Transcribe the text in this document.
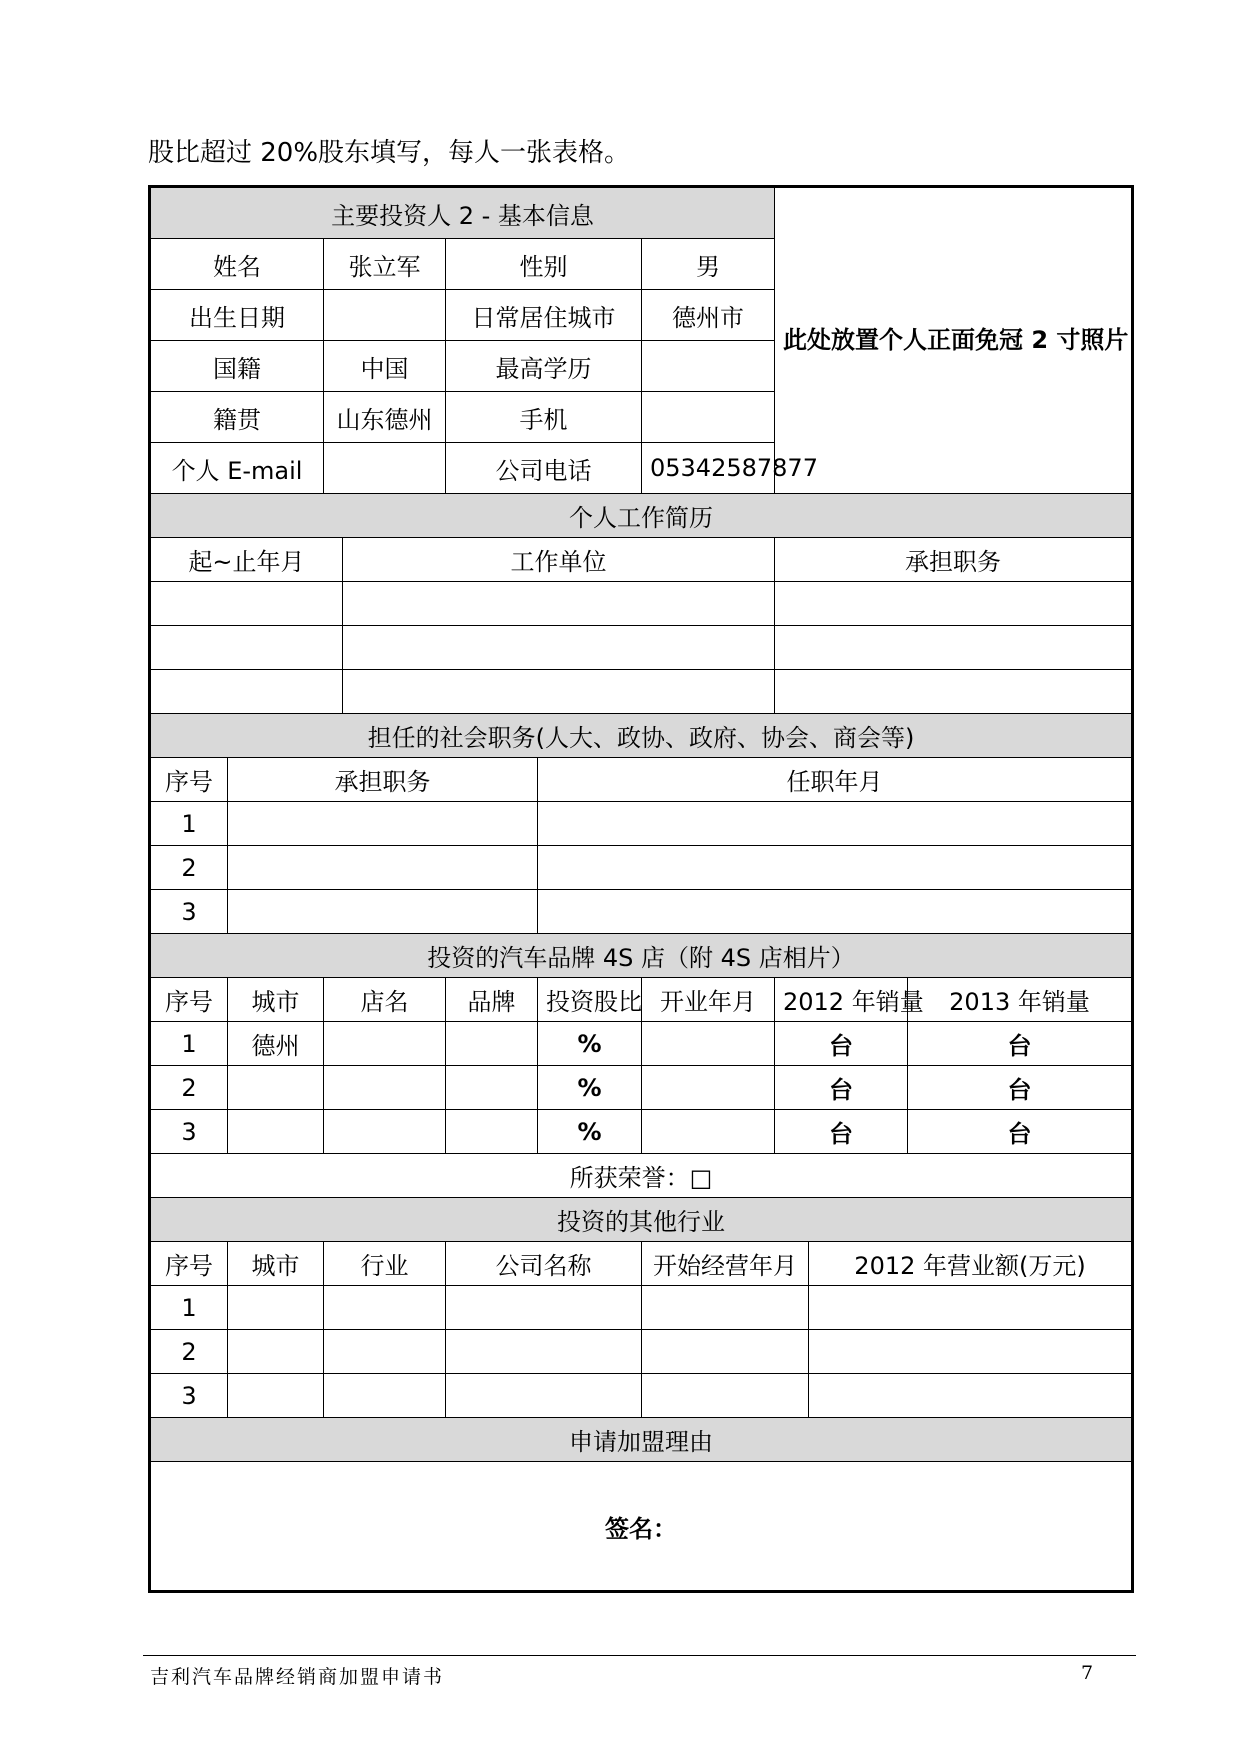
股比超过 20%股东填写，每人一张表格。
主要投资人 2 - 基本信息							此处放置个人正面免冠 2 寸照片		
姓名		张立军		性别		男			
出生日期				日常居住城市		德州市			
国籍		中国		最高学历					
籍贯		山东德州		手机					
个人 E-mail				公司电话		05342587877			
个人工作简历									
起~止年月			工作单位				承担职务		

担任的社会职务(人大、政协、政府、协会、商会等)									
序号	承担职务				任职年月				
1									
2									
3									
投资的汽车品牌 4S 店（附 4S 店相片）									
序号	城市	店名		品牌	投资股比	开业年月	2012 年销量		2013 年销量
1	德州				%		台		台
2					%		台		台
3					%		台		台
所获荣誉：□									
投资的其他行业									
序号	城市	行业		公司名称		开始经营年月		2012 年营业额(万元)	
1									
2									
3									
申请加盟理由									
签名：									
吉利汽车品牌经销商加盟申请书	7
